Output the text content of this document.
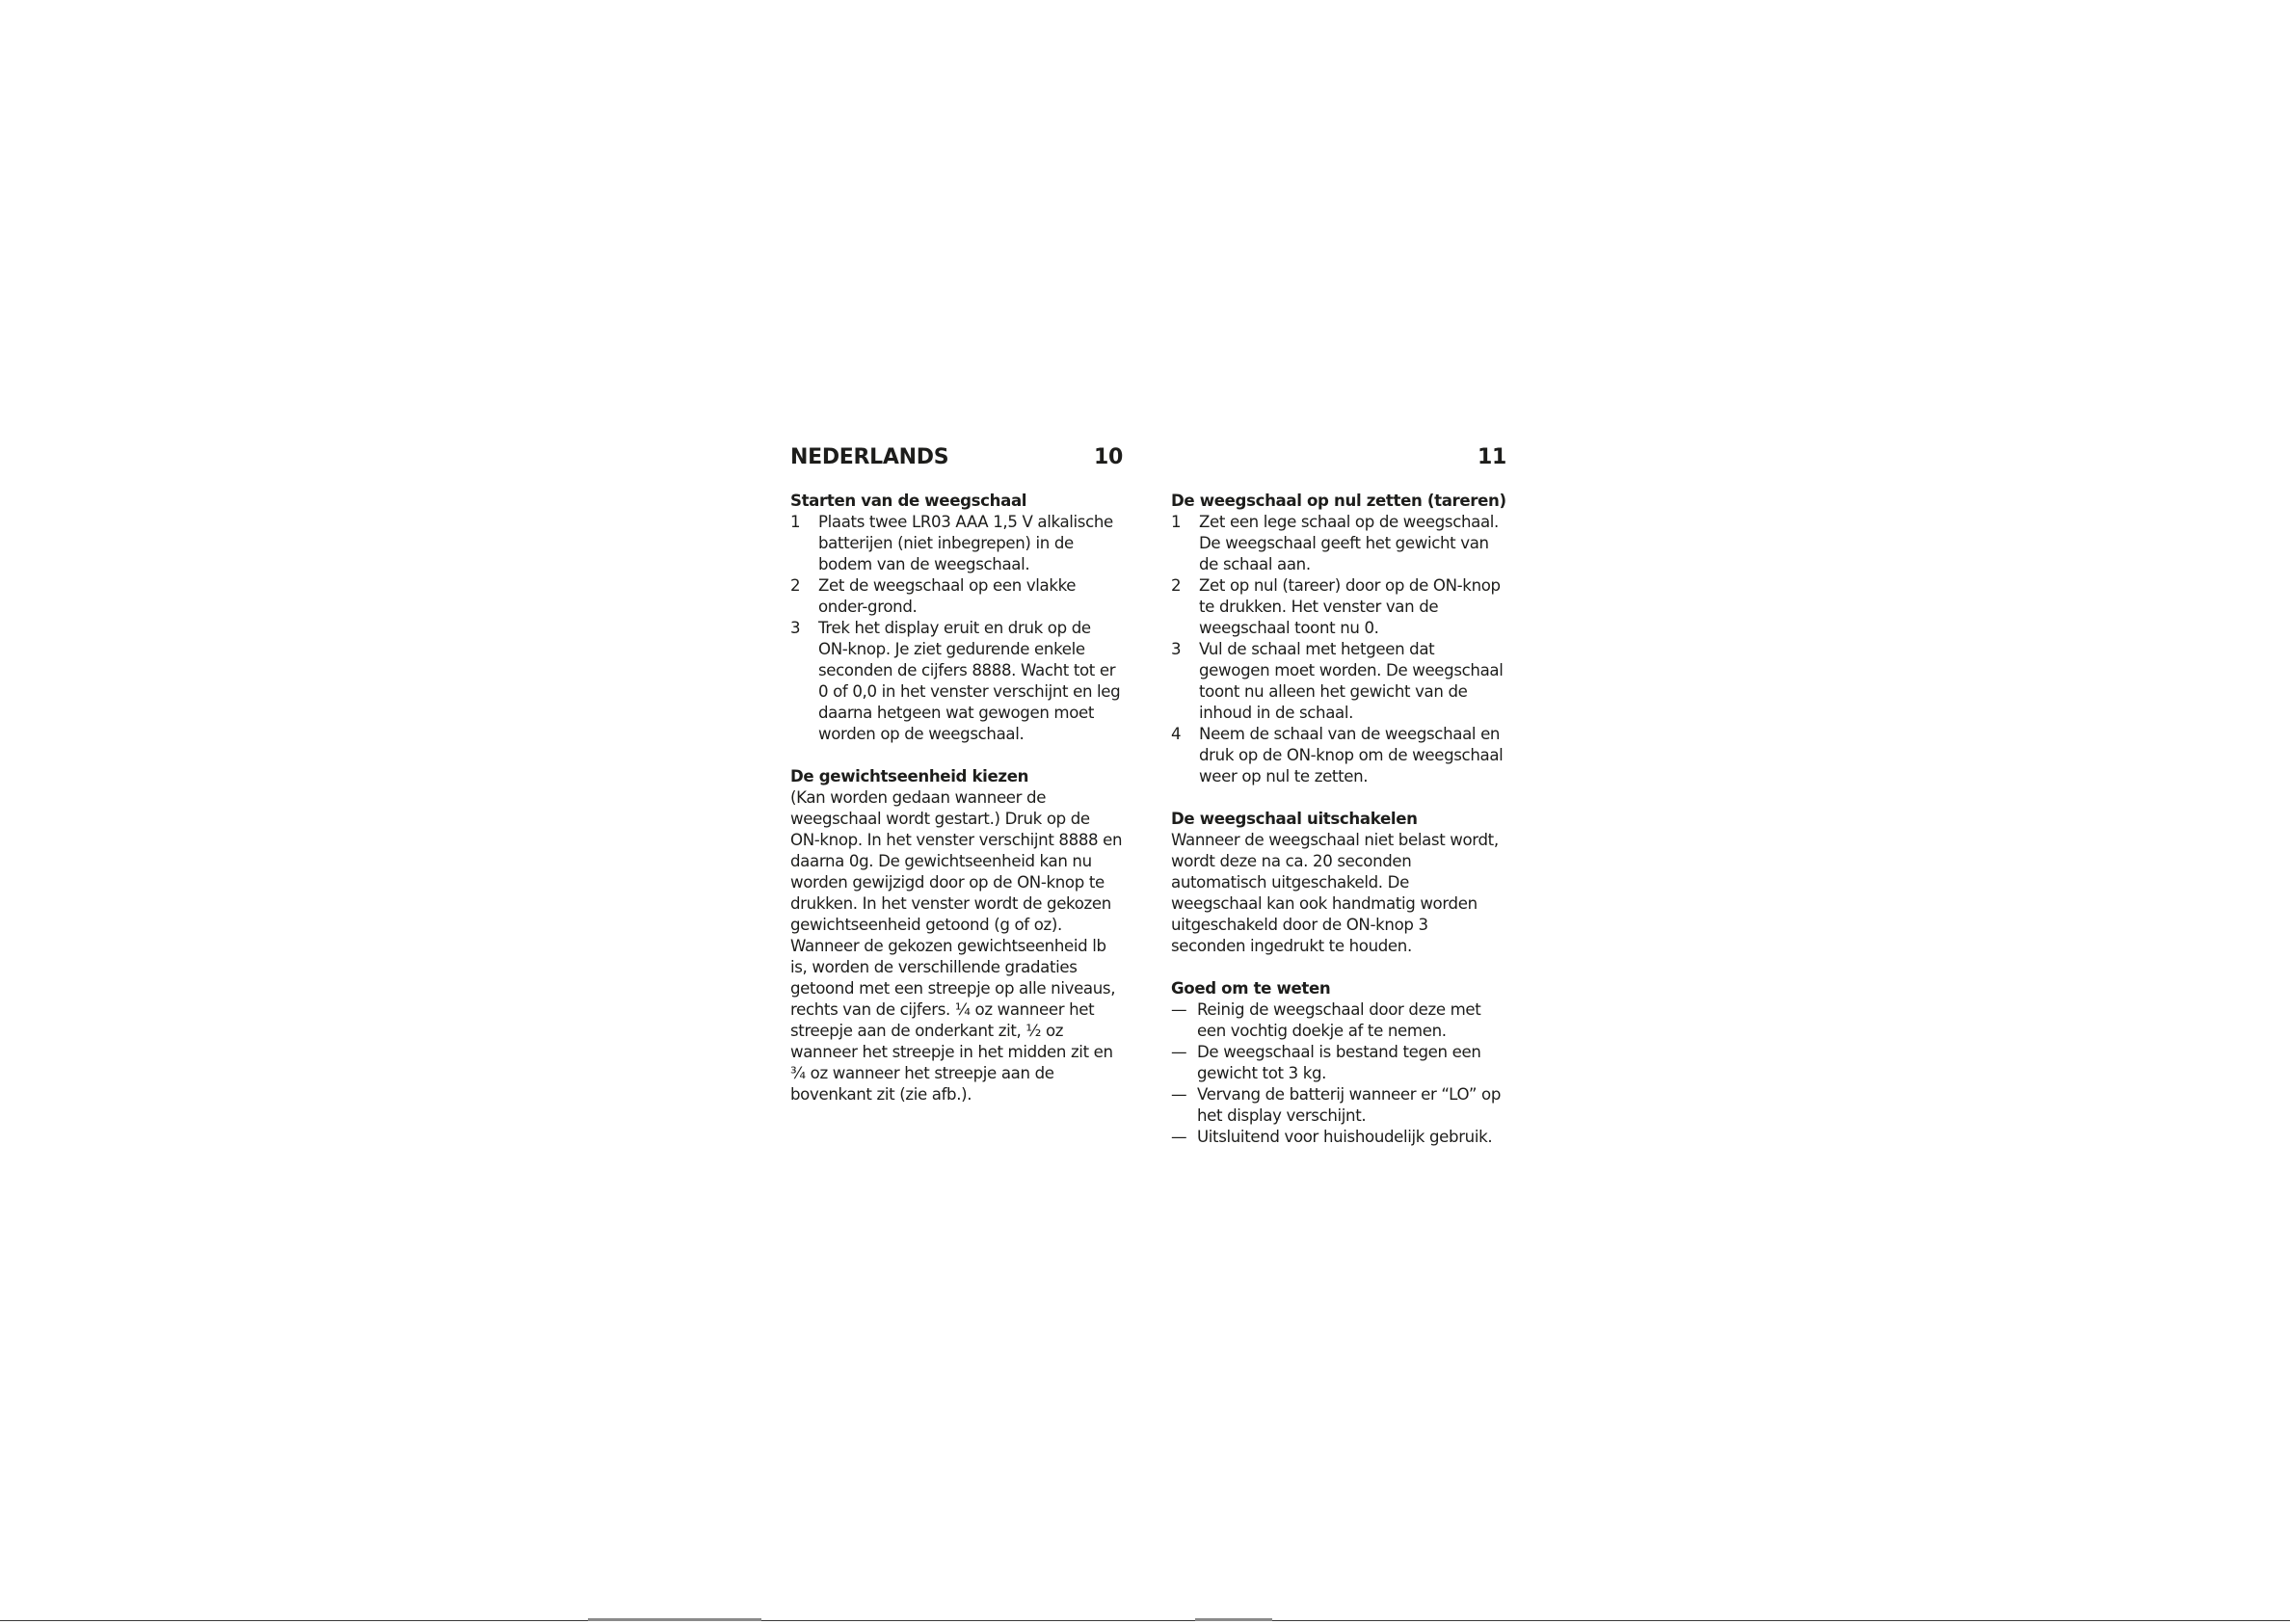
NEDERLANDS	10	11
Starten van de weegschaal
1 Plaats twee LR03 AAA 1,5 V alkalische batterijen (niet inbegrepen) in de bodem van de weegschaal.
2 Zet de weegschaal op een vlakke onder-grond.
3 Trek het display eruit en druk op de ON-knop. Je ziet gedurende enkele seconden de cijfers 8888. Wacht tot er 0 of 0,0 in het venster verschijnt en leg daarna hetgeen wat gewogen moet worden op de weegschaal.
De gewichtseenheid kiezen

(Kan worden gedaan wanneer de weegschaal wordt gestart.) Druk op de ON-knop. In het venster verschijnt 8888 en daarna 0g. De gewichtseenheid kan nu worden gewijzigd door op de ON-knop te drukken. In het venster wordt de gekozen gewichtseenheid getoond (g of oz). Wanneer de gekozen gewichtseenheid lb is, worden de verschillende gradaties getoond met een streepje op alle niveaus, rechts van de cijfers. ¼ oz wanneer het streepje aan de onderkant zit, ½ oz wanneer het streepje in het midden zit en ¾ oz wanneer het streepje aan de bovenkant zit (zie afb.).

De weegschaal op nul zetten (tareren)
1 Zet een lege schaal op de weegschaal. De weegschaal geeft het gewicht van de schaal aan.
2 Zet op nul (tareer) door op de ON-knop te drukken. Het venster van de weegschaal toont nu 0.
3 Vul de schaal met hetgeen dat gewogen moet worden. De weegschaal toont nu alleen het gewicht van de inhoud in de schaal.
4 Neem de schaal van de weegschaal en druk op de ON-knop om de weegschaal weer op nul te zetten.
De weegschaal uitschakelen

Wanneer de weegschaal niet belast wordt, wordt deze na ca. 20 seconden automatisch uitgeschakeld. De weegschaal kan ook handmatig worden uitgeschakeld door de ON-knop 3 seconden ingedrukt te houden.

Goed om te weten
— Reinig de weegschaal door deze met een vochtig doekje af te nemen.
— De weegschaal is bestand tegen een gewicht tot 3 kg.
— Vervang de batterij wanneer er “LO” op het display verschijnt.
— Uitsluitend voor huishoudelijk gebruik.
